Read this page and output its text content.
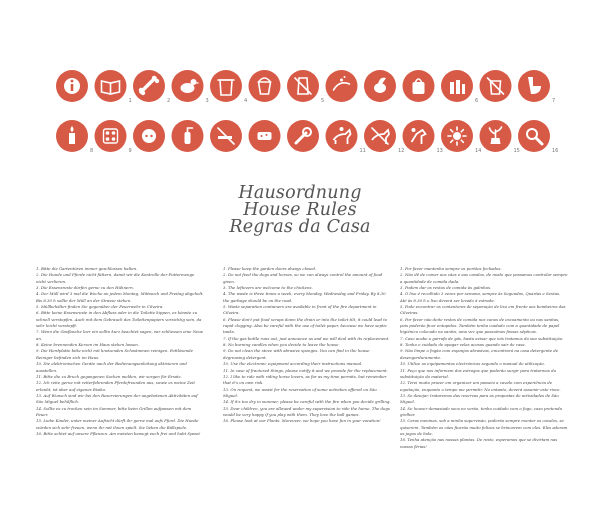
1	2	3	4	5	6	7
8	9	11	12	13	14	15	16
Hausordnung
House Rules
Regras da Casa

1. Bitte die Gartentüren immer geschlossen halten.

2. Die Hunde und Pferde nicht füttern, damit wir die Kontrolle der Futtermenge nicht verlieren.

3. Die Essensreste dürfen gerne zu den Hühnern.

4. Der Müll wird 3 mal die Woche an jedem Montag, Mittwoch und Freitag abgeholt. Bis 8.30 h sollte der Müll an der Strasse stehen.

5. Müllbehälter finden Sie gegenüber der Feuerwehr in Cilveira.

6. Bitte keine Essensreste in den Abfluss oder in die Toilette kippen, es könnte zu schnell verstopfen. Auch mit dem Gebrauch des Toilettenpapiers vorsichtig sein, da sehr leicht verstopft.

7. Wenn die Gasflasche leer ein solltn kurz beachtet sagen, wir schliessen eine Neue an.

8. Keine brennenden Kerzen im Haus stehen lassen.

9. Die Herdplatte bitte nicht mit kratzenden Schwämmen reinigen. Fettlösende Reiniger befinden sich im Haus.

10. Die elektronischen Geräte nach der Bedienungsanleitung aktivieren und ausstellen.

11. Bitte die zu Bruch gegangenen Sachen melden, wir sorgen für Ersatz.

12. Ich reite gerne mit reiterfahrenden Pferdefreunden aus, sowie es meine Zeit erlaubt, ist aber auf eigenes Risiko.

13. Auf Wunsch sind wir bei den Reservierungen der angebotenen Aktivitäten auf São Miguel behilflich.

14. Sollte es zu trocken sein im Sommer, bitte beim Grillen aufpassen mit dem Feuer.

15. Liebe Kinder, unter meiner Aufsicht dürft ihr gerne mal aufs Pferd. Die Hunde würden sich sehr freuen, wenn ihr mit ihnen spielt. Sie lieben die Bällspiele.

16. Bitte achtet auf unsere Pflanzen. Am meisten bewegt euch frei und habt Spass!

1. Please keep the garden doors always closed.

2. Do not feed the dogs and horses, so we can always control the amount of food given.

3. The leftovers are welcome to the chickens.

4. The waste is three times a week, every Monday, Wednesday and Friday. By 8.30 the garbage should be on the road.

5. Waste separation containers are available in front of the fire department in Cilveira.

6. Please don't put food scraps down the drain or into the toilet tilt, it could lead to rapid clogging. Also be careful with the use of toilet paper, because we have septic tanks.

7. If the gas bottle runs out, just announce us and we will deal with its replacement.

8. No burning candles when you decide to leave the house.

9. Do not clean the stove with abrasive sponges. You can find in the house degreasing detergent.

10. Use the electronic equipment according their instructions manual.

11. In case of fractured things, please notify it and we provide for the replacement.

12. I like to ride with riding horse lovers, as far as my time permits, but remember that it's on own risk.

13. On request, we assist for the reservation of some activities offered on São Miguel.

14. If it's too dry in summer, please be careful with the fire when you decide grilling.

15. Dear children, you are allowed under my supervision to ride the horse. The dogs would be very happy if you play with them. They love the ball games.

16. Please look at our Plants. Moreover, we hope you have fun in your vacation!

1. Por favor mantenha sempre os portões fechados.

2. Não dê de comer aos cães e aos cavalos, de modo que possamos controlar sempre a quantidade de comida dada.

3. Podem dar os restos de comida às galinhas.

4. O lixo é recolhido 3 vezes por semana, sempre às Segundas, Quartas e Sextas. Até às 8.30 h o lixo deverá ser levado à estrada.

5. Pode encontrar os contentores de separação de lixo em frente aos bombeiros das Cilveiras.

6. Por favor não deite restos de comida nos canos de escoamento ou nas sanitas, pois poderão ficar entupidos. Também tenha cuidado com a quantidade de papel higiénico colocado na sanita, uma vez que possuímos fossas sépticas.

7. Caso acabe a garrafa de gás, basta avisar que nós tratamos da sua substituição.

8. Tenha o cuidado de apagar velas acesas quando sair de casa.

9. Não limpe o fogão com esponjas abrasivas, encontrará na casa detergente de desengorduramento.

10. Utilize os equipamentos electrónicos segundo o manual de utilização.

11. Peço que nos informem dos estragos que poderão surgir para tratarmos da substituição do material.

12. Terei muito prazer em organizar um passeio a cavalo com experiência de equitação, enquanto o tempo me permitir. No entanto, deverá assumir este risco.

13. Se desejar, trataremos das reservas para as propostas de actividades de São Miguel.

14. Se houver demasiado seca no verão, tenha cuidado com o fogo, caso pretenda grelhar.

15. Caras meninas, sob a minha supervisão, poderão sempre montar os cavalos, se quiserem. Também os cães ficarão muito felizes se brincarem com eles. Eles adoram os jogos de bola.

16. Tenha atenção nas nossas plantas. De resto, esperamos que se divirtam nas vossas férias!
